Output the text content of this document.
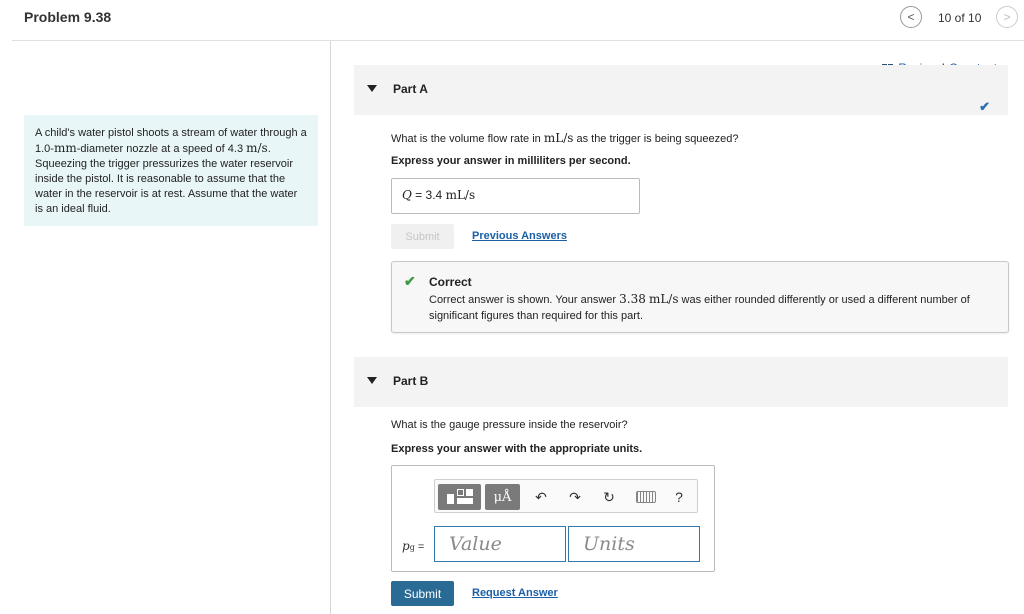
Problem 9.38	< 10 of 10 >
A child's water pistol shoots a stream of water through a 1.0-mm-diameter nozzle at a speed of 4.3 m/s. Squeezing the trigger pressurizes the water reservoir inside the pistol. It is reasonable to assume that the water in the reservoir is at rest. Assume that the water is an ideal fluid.
Part A
✔
What is the volume flow rate in mL/s as the trigger is being squeezed?
Express your answer in milliliters per second.
Q = 3.4 mL/s
Submit	Previous Answers
✔ Correct
Correct answer is shown. Your answer 3.38 mL/s was either rounded differently or used a different number of significant figures than required for this part.
Part B
What is the gauge pressure inside the reservoir?
Express your answer with the appropriate units.
μÅ ↶ ↷ ↻	?
pg =
Value
Units
Submit	Request Answer
